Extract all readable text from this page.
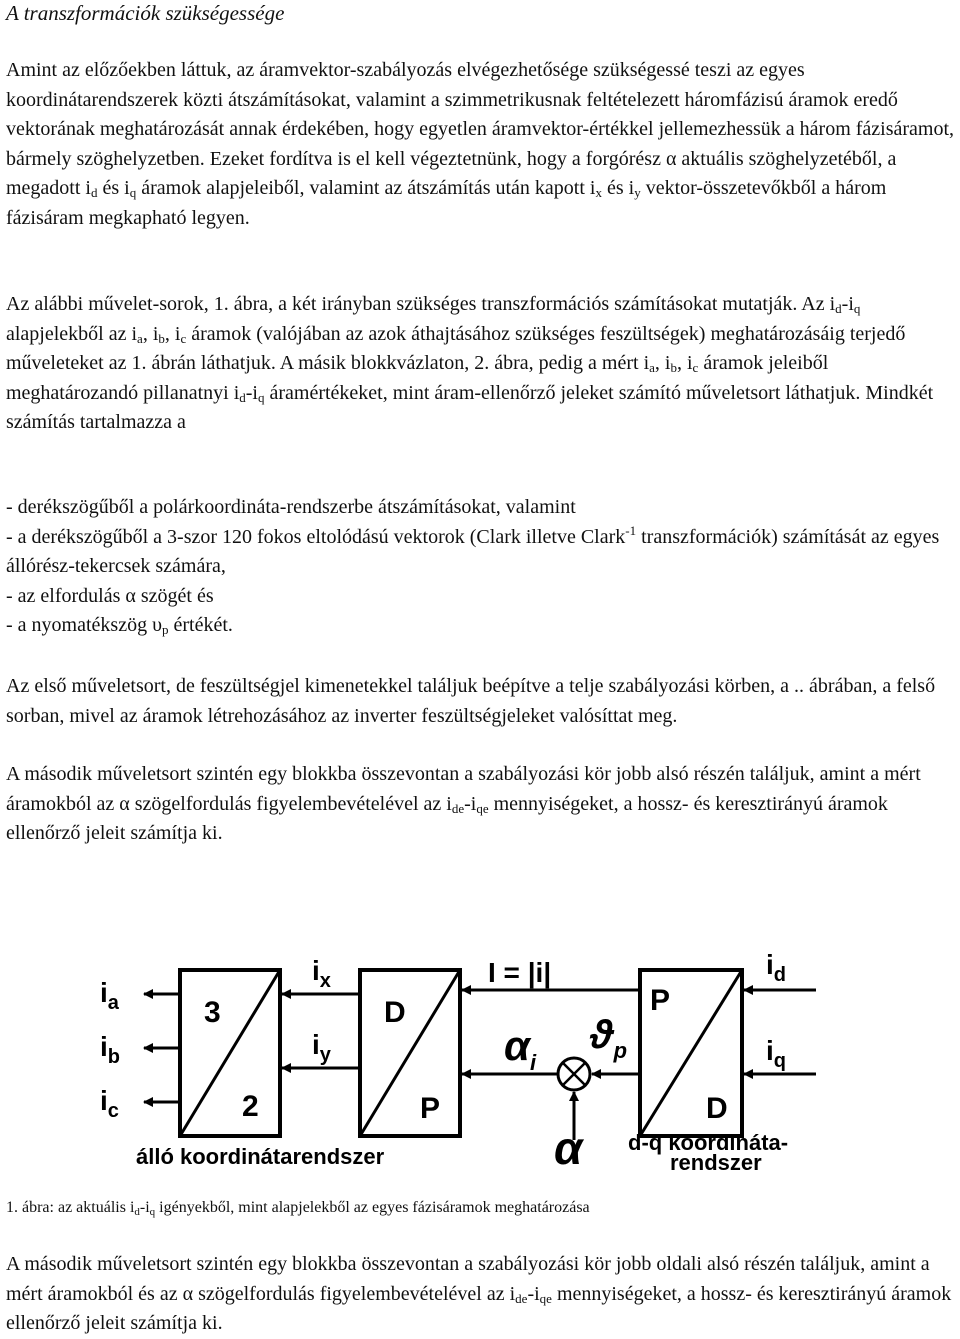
A transzformációk szükségessége

Amint az előzőekben láttuk, az áramvektor-szabályozás elvégezhetősége szükségessé teszi az egyes koordinátarendszerek közti átszámításokat, valamint a szimmetrikusnak feltételezett háromfázisú áramok eredő vektorának meghatározását annak érdekében, hogy egyetlen áramvektor-értékkel jellemezhessük a három fázisáramot, bármely szöghelyzetben. Ezeket fordítva is el kell végeztetnünk, hogy a forgórész α aktuális szöghelyzetéből, a megadott $i_d$ és $i_q$ áramok alapjeleiből, valamint az átszámítás után kapott $i_x$ és $i_y$ vektor-összetevőkből a három fázisáram megkapható legyen.

Az alábbi művelet-sorok, 1. ábra, a két irányban szükséges transzformációs számításokat mutatják. Az $i_d-i_q$ alapjelekből az $i_a$, $i_b$, $i_c$ áramok (valójában az azok áthajtásához szükséges feszültségek) meghatározásáig terjedő műveleteket az 1. ábrán láthatjuk. A másik blokkvázlaton, 2. ábra, pedig a mért $i_a$, $i_b$, $i_c$ áramok jeleiből meghatározandó pillanatnyi $i_d-i_q$ áramértékeket, mint áram-ellenőrző jeleket számító műveletsort láthatjuk. Mindkét számítás tartalmazza a

- derékszögűből a polárkoordináta-rendszerbe átszámításokat, valamint
- a derékszögűből a 3-szor 120 fokos eltolódású vektorok (Clark illetve Clark$^{-1}$ transzformációk) számítását az egyes állórész-tekercsek számára,
- az elfordulás α szögét és
- a nyomatékszög $\upsilon_p$ értékét.

Az első műveletsort, de feszültségjel kimenetekkel találjuk beépítve a telje szabályozási körben, a .. ábrában, a felső sorban, mivel az áramok létrehozásához az inverter feszültségjeleket valósíttat meg.

A második műveletsort szintén egy blokkba összevontan a szabályozási kör jobb alsó részén találjuk, amint a mért áramokból az α szögelfordulás figyelembevételével az $i_{de}-i_{qe}$ mennyiségeket, a hossz- és keresztirányú áramok ellenőrző jeleit számítja ki.

3
2
$i_a$
$i_b$
$i_c$
álló koordinátarendszer
D
P
$i_x$
$i_y$
I = |i|
$\alpha_i$
$ϑ_p$
α
P
D
d-q koordináta-
rendszer
$i_d$
$i_q$

1. ábra: az aktuális $i_d-i_q$ igényekből, mint alapjelekből az egyes fázisáramok meghatározása

A második műveletsort szintén egy blokkba összevontan a szabályozási kör jobb oldali alsó részén találjuk, amint a mért áramokból és az α szögelfordulás figyelembevételével az $i_{de}-i_{qe}$ mennyiségeket, a hossz- és keresztirányú áramok ellenőrző jeleit számítja ki.
